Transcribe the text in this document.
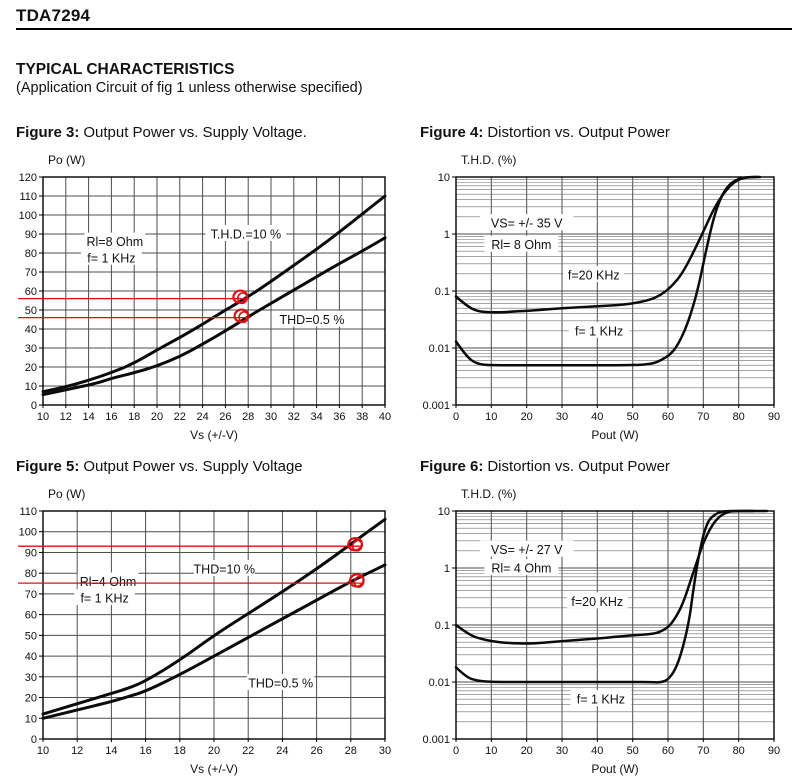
TDA7294

TYPICAL CHARACTERISTICS

(Application Circuit of fig 1 unless otherwise specified)

Figure 3: Output Power vs. Supply Voltage.
10 12 14 16 18 20 22 24 26 28 30 32 34 36 38 40
0
10
20
30
40
50
60
70
80
90
100
110
120
Rl=8 Ohm
f= 1 KHz
T.H.D.=10 %
THD=0.5 %
Po (W)
Vs (+/-V)
Figure 4: Distortion vs. Output Power
0 10 20 30 40 50 60 70 80 90
10
1
0.1
0.01
0.001
VS= +/- 35 V
Rl= 8 Ohm
f=20 KHz
f= 1 KHz
T.H.D. (%)
Pout (W)
Figure 5: Output Power vs. Supply Voltage
10 12 14 16 18 20 22 24 26 28 30
0
10
20
30
40
50
60
70
80
90
100
110
Rl=4 Ohm
f= 1 KHz
THD=10 %
THD=0.5 %
Po (W)
Vs (+/-V)
Figure 6: Distortion vs. Output Power
0 10 20 30 40 50 60 70 80 90
10
1
0.1
0.01
0.001
VS= +/- 27 V
Rl= 4 Ohm
f=20 KHz
f= 1 KHz
T.H.D. (%)
Pout (W)
